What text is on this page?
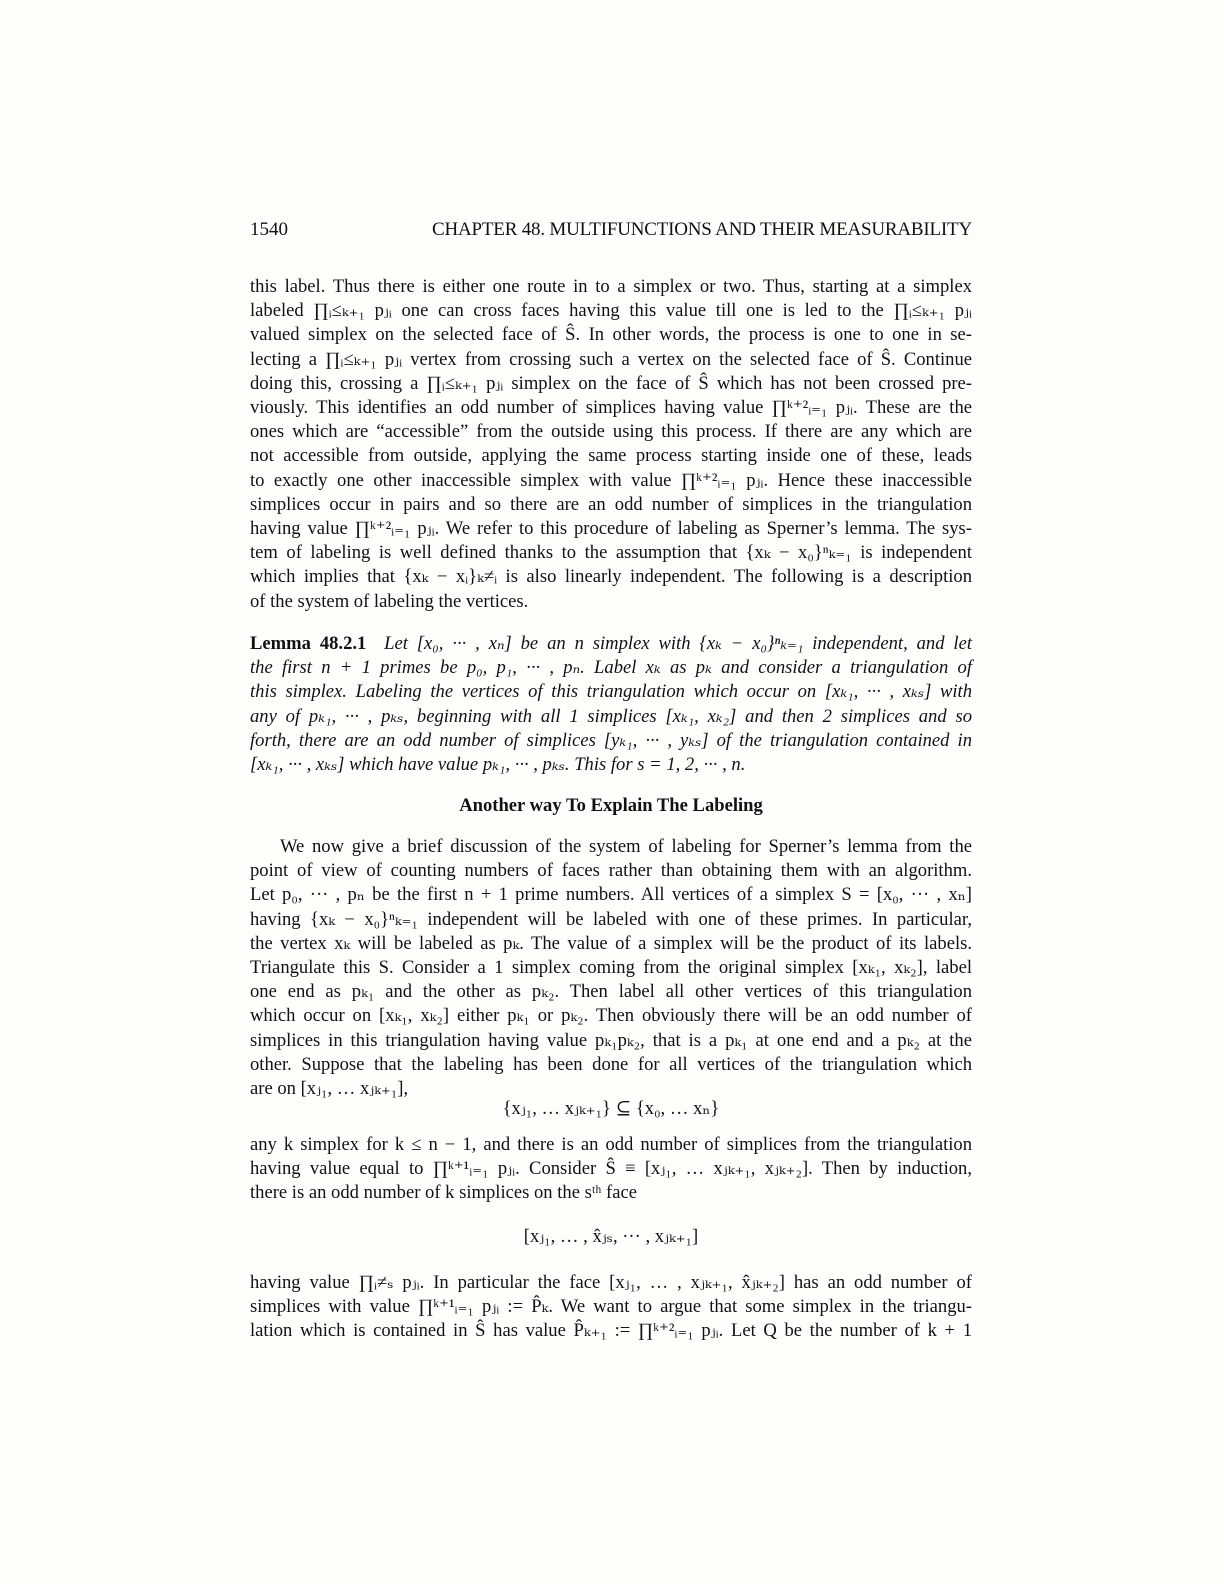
1540	CHAPTER 48. MULTIFUNCTIONS AND THEIR MEASURABILITY
this label. Thus there is either one route in to a simplex or two. Thus, starting at a simplex
labeled ∏ᵢ≤ₖ₊₁ pⱼᵢ one can cross faces having this value till one is led to the ∏ᵢ≤ₖ₊₁ pⱼᵢ
valued simplex on the selected face of Ŝ. In other words, the process is one to one in se-
lecting a ∏ᵢ≤ₖ₊₁ pⱼᵢ vertex from crossing such a vertex on the selected face of Ŝ. Continue
doing this, crossing a ∏ᵢ≤ₖ₊₁ pⱼᵢ simplex on the face of Ŝ which has not been crossed pre-
viously. This identifies an odd number of simplices having value ∏ᵏ⁺²ᵢ₌₁ pⱼᵢ. These are the
ones which are “accessible” from the outside using this process. If there are any which are
not accessible from outside, applying the same process starting inside one of these, leads
to exactly one other inaccessible simplex with value ∏ᵏ⁺²ᵢ₌₁ pⱼᵢ. Hence these inaccessible
simplices occur in pairs and so there are an odd number of simplices in the triangulation
having value ∏ᵏ⁺²ᵢ₌₁ pⱼᵢ. We refer to this procedure of labeling as Sperner’s lemma. The sys-
tem of labeling is well defined thanks to the assumption that {xₖ − x₀}ⁿₖ₌₁ is independent
which implies that {xₖ − xᵢ}ₖ≠ᵢ is also linearly independent. The following is a description
of the system of labeling the vertices.
Lemma 48.2.1 Let [x₀, ··· , xₙ] be an n simplex with {xₖ − x₀}ⁿₖ₌₁ independent, and let
the first n + 1 primes be p₀, p₁, ··· , pₙ. Label xₖ as pₖ and consider a triangulation of
this simplex. Labeling the vertices of this triangulation which occur on [xₖ₁, ··· , xₖₛ] with
any of pₖ₁, ··· , pₖₛ, beginning with all 1 simplices [xₖ₁, xₖ₂] and then 2 simplices and so
forth, there are an odd number of simplices [yₖ₁, ··· , yₖₛ] of the triangulation contained in
[xₖ₁, ··· , xₖₛ] which have value pₖ₁, ··· , pₖₛ. This for s = 1, 2, ··· , n.
Another way To Explain The Labeling
We now give a brief discussion of the system of labeling for Sperner’s lemma from the
point of view of counting numbers of faces rather than obtaining them with an algorithm.
Let p₀, ··· , pₙ be the first n + 1 prime numbers. All vertices of a simplex S = [x₀, ··· , xₙ]
having {xₖ − x₀}ⁿₖ₌₁ independent will be labeled with one of these primes. In particular,
the vertex xₖ will be labeled as pₖ. The value of a simplex will be the product of its labels.
Triangulate this S. Consider a 1 simplex coming from the original simplex [xₖ₁, xₖ₂], label
one end as pₖ₁ and the other as pₖ₂. Then label all other vertices of this triangulation
which occur on [xₖ₁, xₖ₂] either pₖ₁ or pₖ₂. Then obviously there will be an odd number of
simplices in this triangulation having value pₖ₁pₖ₂, that is a pₖ₁ at one end and a pₖ₂ at the
other. Suppose that the labeling has been done for all vertices of the triangulation which
are on [xⱼ₁, … xⱼₖ₊₁],
{xⱼ₁, … xⱼₖ₊₁} ⊆ {x₀, … xₙ}
any k simplex for k ≤ n − 1, and there is an odd number of simplices from the triangulation
having value equal to ∏ᵏ⁺¹ᵢ₌₁ pⱼᵢ. Consider Ŝ ≡ [xⱼ₁, … xⱼₖ₊₁, xⱼₖ₊₂]. Then by induction,
there is an odd number of k simplices on the sᵗʰ face
[xⱼ₁, … , x̂ⱼₛ, ··· , xⱼₖ₊₁]
having value ∏ᵢ≠ₛ pⱼᵢ. In particular the face [xⱼ₁, … , xⱼₖ₊₁, x̂ⱼₖ₊₂] has an odd number of
simplices with value ∏ᵏ⁺¹ᵢ₌₁ pⱼᵢ := P̂ₖ. We want to argue that some simplex in the triangu-
lation which is contained in Ŝ has value P̂ₖ₊₁ := ∏ᵏ⁺²ᵢ₌₁ pⱼᵢ. Let Q be the number of k + 1
